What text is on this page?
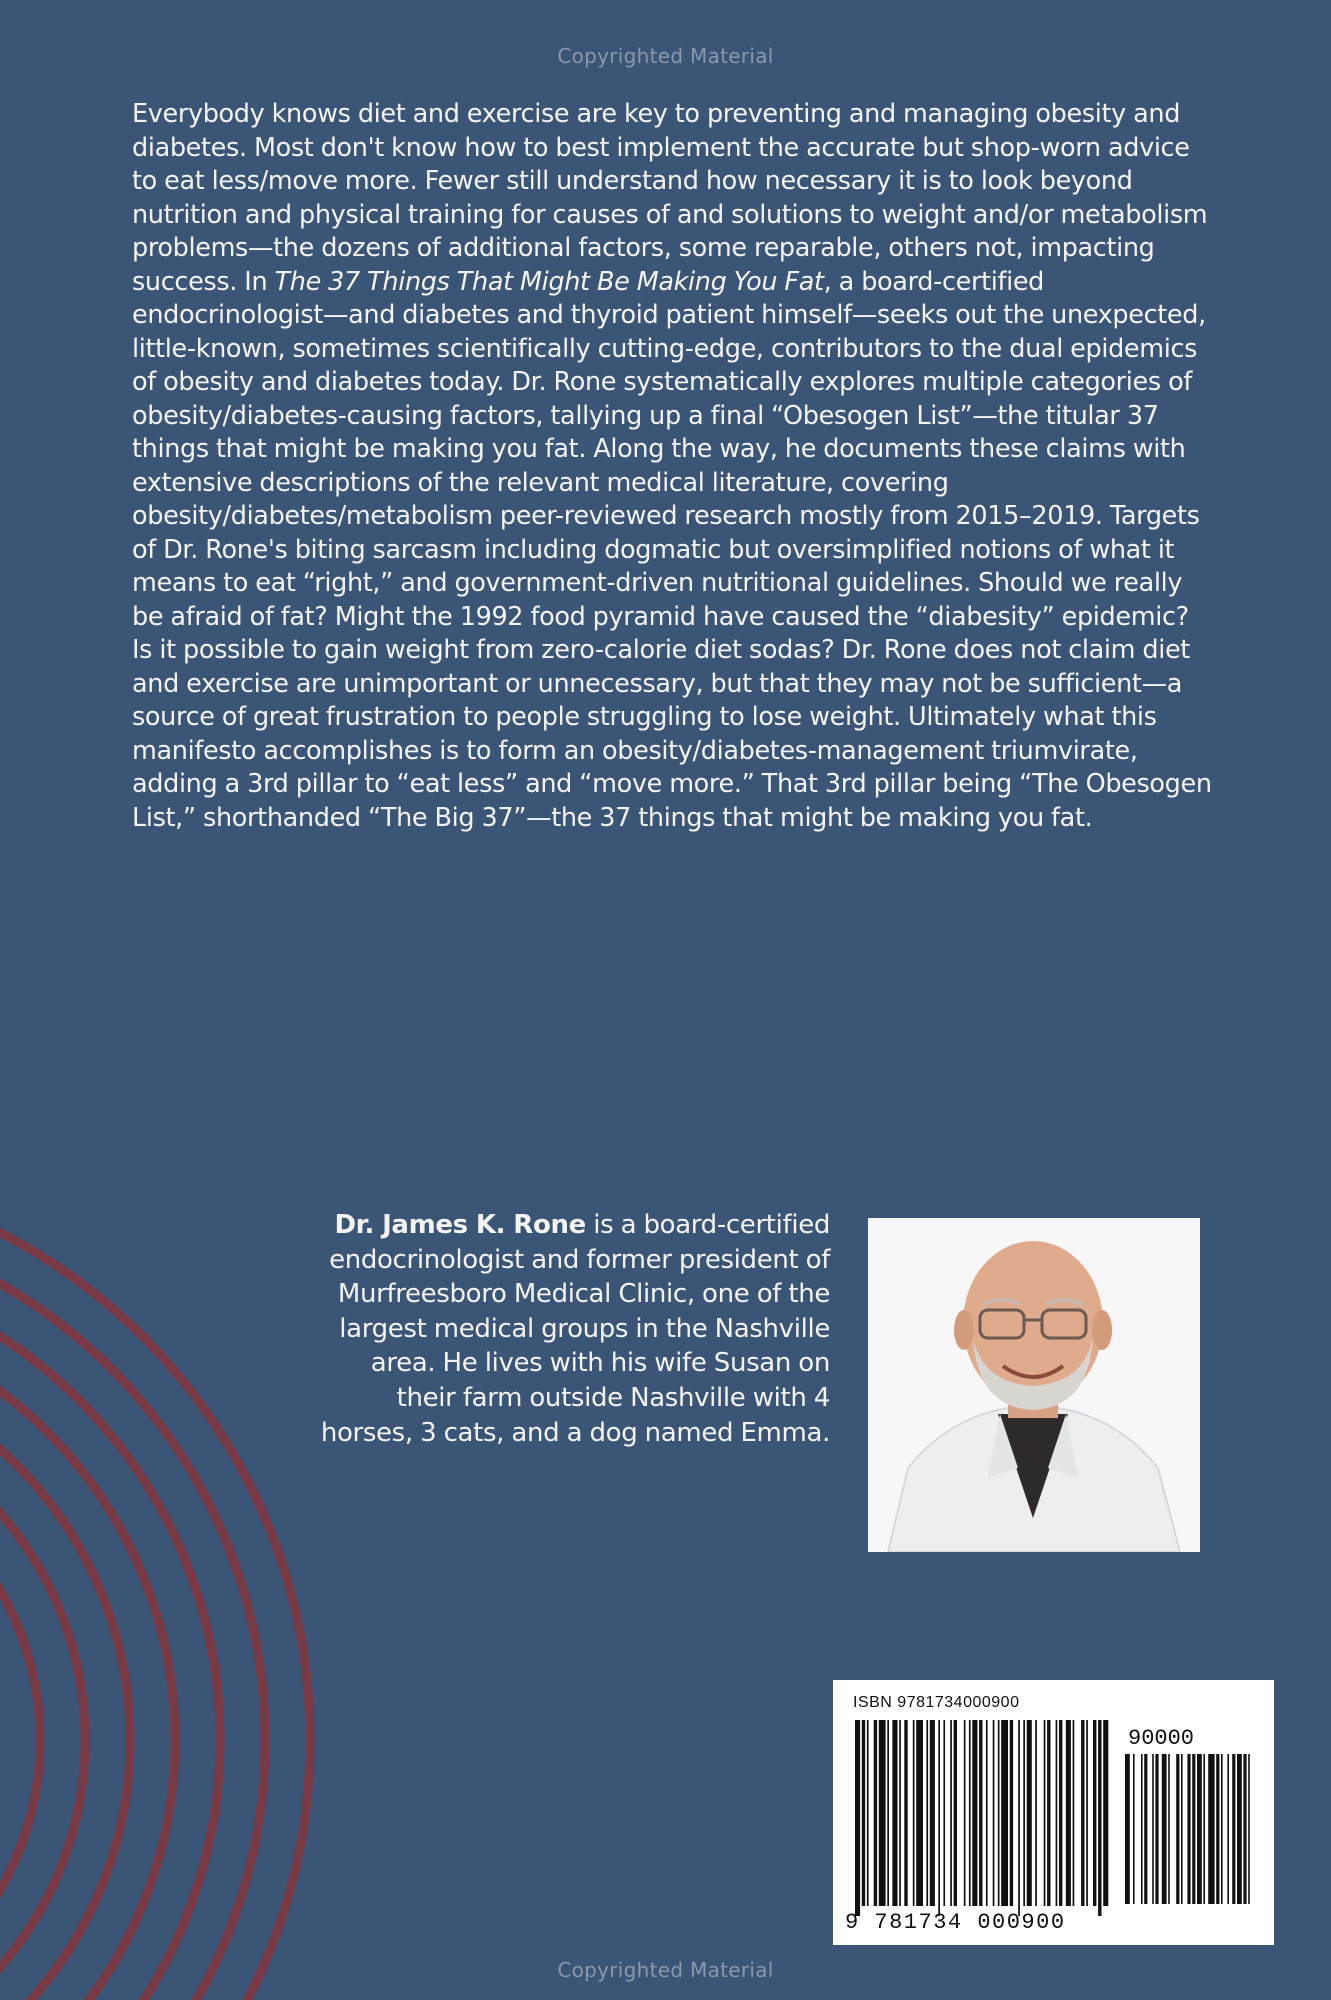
Copyrighted Material

Everybody knows diet and exercise are key to preventing and managing obesity and diabetes. Most don't know how to best implement the accurate but shop-worn advice to eat less/move more. Fewer still understand how necessary it is to look beyond nutrition and physical training for causes of and solutions to weight and/or metabolism problems—the dozens of additional factors, some reparable, others not, impacting success. In The 37 Things That Might Be Making You Fat, a board-certified endocrinologist—and diabetes and thyroid patient himself—seeks out the unexpected, little-known, sometimes scientifically cutting-edge, contributors to the dual epidemics of obesity and diabetes today. Dr. Rone systematically explores multiple categories of obesity/diabetes-causing factors, tallying up a final “Obesogen List”—the titular 37 things that might be making you fat. Along the way, he documents these claims with extensive descriptions of the relevant medical literature, covering obesity/diabetes/metabolism peer-reviewed research mostly from 2015–2019. Targets of Dr. Rone's biting sarcasm including dogmatic but oversimplified notions of what it means to eat “right,” and government-driven nutritional guidelines. Should we really be afraid of fat? Might the 1992 food pyramid have caused the “diabesity” epidemic? Is it possible to gain weight from zero-calorie diet sodas? Dr. Rone does not claim diet and exercise are unimportant or unnecessary, but that they may not be sufficient—a source of great frustration to people struggling to lose weight. Ultimately what this manifesto accomplishes is to form an obesity/diabetes-management triumvirate, adding a 3rd pillar to “eat less” and “move more.” That 3rd pillar being “The Obesogen List,” shorthanded “The Big 37”—the 37 things that might be making you fat.

Dr. James K. Rone is a board-certified endocrinologist and former president of Murfreesboro Medical Clinic, one of the largest medical groups in the Nashville area. He lives with his wife Susan on their farm outside Nashville with 4 horses, 3 cats, and a dog named Emma.

ISBN 9781734000900
90000
9 781734 000900
Copyrighted Material
